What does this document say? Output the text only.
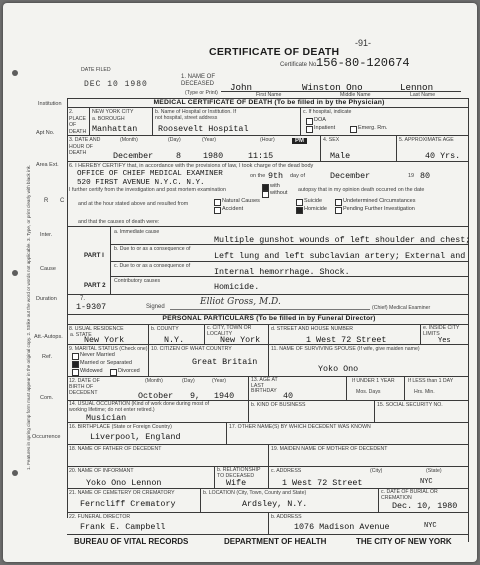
1. Features in spring clamp form must appear in the original copy. 2. Strike out the word or words not applicable. 3. Type, or print clearly with black ink.
DATE FILED
DEC 10 1980
-91-
CERTIFICATE OF DEATH
Certificate No.
156-80-120674
1. NAME OF DECEASED
(Type or Print) John	Winston Ono	Lennon
First Name	Middle Name	Last Name
MEDICAL CERTIFICATE OF DEATH (To be filled in by the Physician)
Institution
Apt No.
Area Ext.
R C
Inter.
Cause
Duration
Att.-Autops.
Ref.
Com.
Occurrence
2. PLACE OF DEATH
NEW YORK CITY
a. BOROUGH
Manhattan
b. Name of Hospital or Institution. If not hospital, street address
Roosevelt Hospital
c. If hospital, indicate
DOA
Inpatient	Emerg. Rm.
3. DATE AND HOUR OF DEATH
(Month)	(Day)	(Year)	(Hour)
December	8	1980	11:15
PM	4. SEX
Male
5. APPROXIMATE AGE
40 Yrs.
6. I HEREBY CERTIFY that, in accordance with the provisions of law, I took charge of the dead body
OFFICE OF CHIEF MEDICAL EXAMINER
520 FIRST AVENUE N.Y.C. N.Y.
on the 9th day of	December	19 80
I further certify from the investigation and post mortem examination
with
without autopsy that in my opinion death occurred on the date
and at the hour stated above and resulted from	Natural Causes
Accident
Suicide
Homicide
Undetermined Circumstances
Pending Further Investigation
and that the causes of death were:
PART I
a. Immediate cause
Multiple gunshot wounds of left shoulder and chest;
b. Due to or as a consequence of
Left lung and left subclavian artery; External and
c. Due to or as a consequence of
Internal hemorrhage. Shock.
PART 2
Contributory causes
Homicide.
7.
1-9307	Signed	Elliot Gross, M.D.
(Chief) Medical Examiner
PERSONAL PARTICULARS (To be filled in by Funeral Director)
8. USUAL RESIDENCE
a. STATE
New York
b. COUNTY
N.Y.
c. CITY, TOWN OR LOCALITY
New York
d. STREET AND HOUSE NUMBER
1 West 72 Street
e. INSIDE CITY LIMITS
Yes
9. MARITAL STATUS (Check one)
Never Married
Married or Separated
Widowed	Divorced
10. CITIZEN OF WHAT COUNTRY
Great Britain
11. NAME OF SURVIVING SPOUSE (If wife, give maiden name)
Yoko Ono
12. DATE OF BIRTH OF DECEDENT
(Month)	(Day)	(Year)
October 9, 1940
13. AGE AT LAST BIRTHDAY 40
If UNDER 1 YEAR
Mos. Days
If LESS than 1 DAY
Hrs. Min.
14. USUAL OCCUPATION (Kind of work done during most of working lifetime; do not enter retired.)
Musician
b. KIND OF BUSINESS	15. SOCIAL SECURITY NO.
16. BIRTHPLACE (State or Foreign Country)
Liverpool, England
17. OTHER NAME(S) BY WHICH DECEDENT WAS KNOWN
18. NAME OF FATHER OF DECEDENT	19. MAIDEN NAME OF MOTHER OF DECEDENT
20. NAME OF INFORMANT
Yoko Ono Lennon
b. RELATIONSHIP TO DECEASED
Wife
c. ADDRESS	(City)	(State)
1 West 72 Street	NYC
21. NAME OF CEMETERY OR CREMATORY
Ferncliff Crematory
b. LOCATION (City, Town, County and State)
Ardsley, N.Y.
c. DATE OF BURIAL OR CREMATION
Dec. 10, 1980
22. FUNERAL DIRECTOR
Frank E. Campbell
b. ADDRESS
1076 Madison Avenue	NYC
BUREAU OF VITAL RECORDS	DEPARTMENT OF HEALTH	THE CITY OF NEW YORK
